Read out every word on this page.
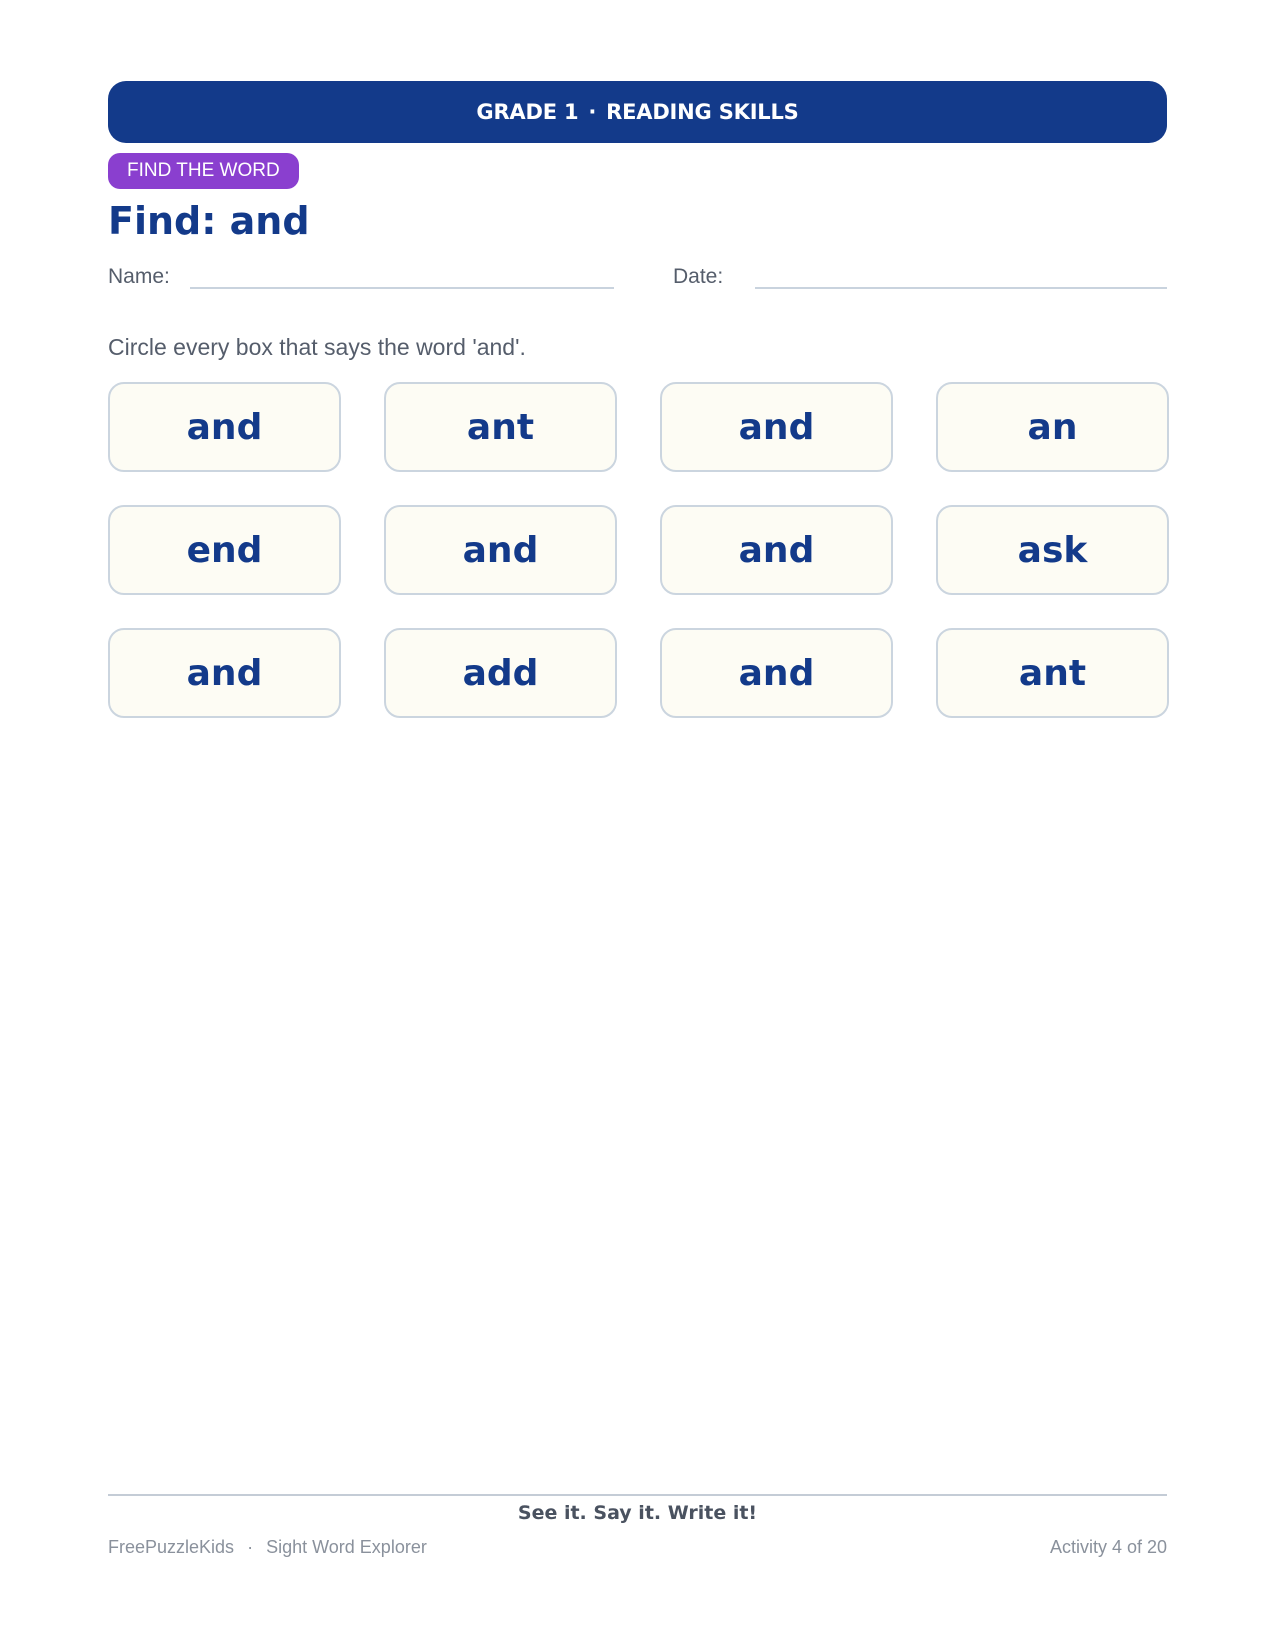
GRADE 1 · READING SKILLS
FIND THE WORD
Find: and
Name:	Date:
Circle every box that says the word 'and'.
and	ant	and	an
end	and	and	ask
and	add	and	ant
See it. Say it. Write it!
FreePuzzleKids · Sight Word Explorer	Activity 4 of 20
